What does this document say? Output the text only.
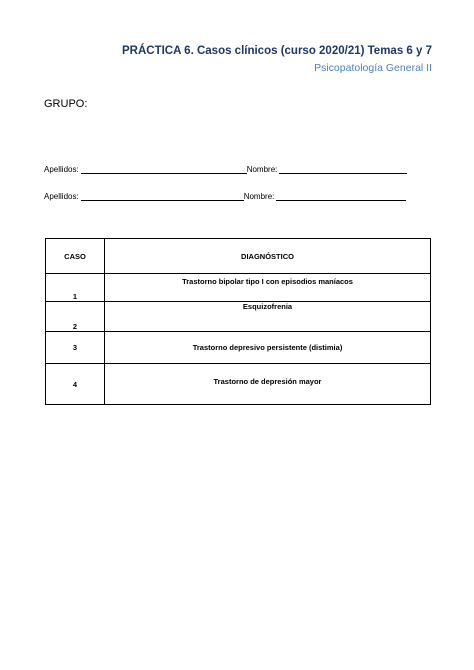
PRÁCTICA 6. Casos clínicos (curso 2020/21) Temas 6 y 7
Psicopatología General II
GRUPO:
Apellidos:	Nombre:
Apellidos:	Nombre:
CASO	DIAGNÓSTICO
1	Trastorno bipolar tipo I con episodios maníacos
2	Esquizofrenia
3	Trastorno depresivo persistente (distimia)
4	Trastorno de depresión mayor
